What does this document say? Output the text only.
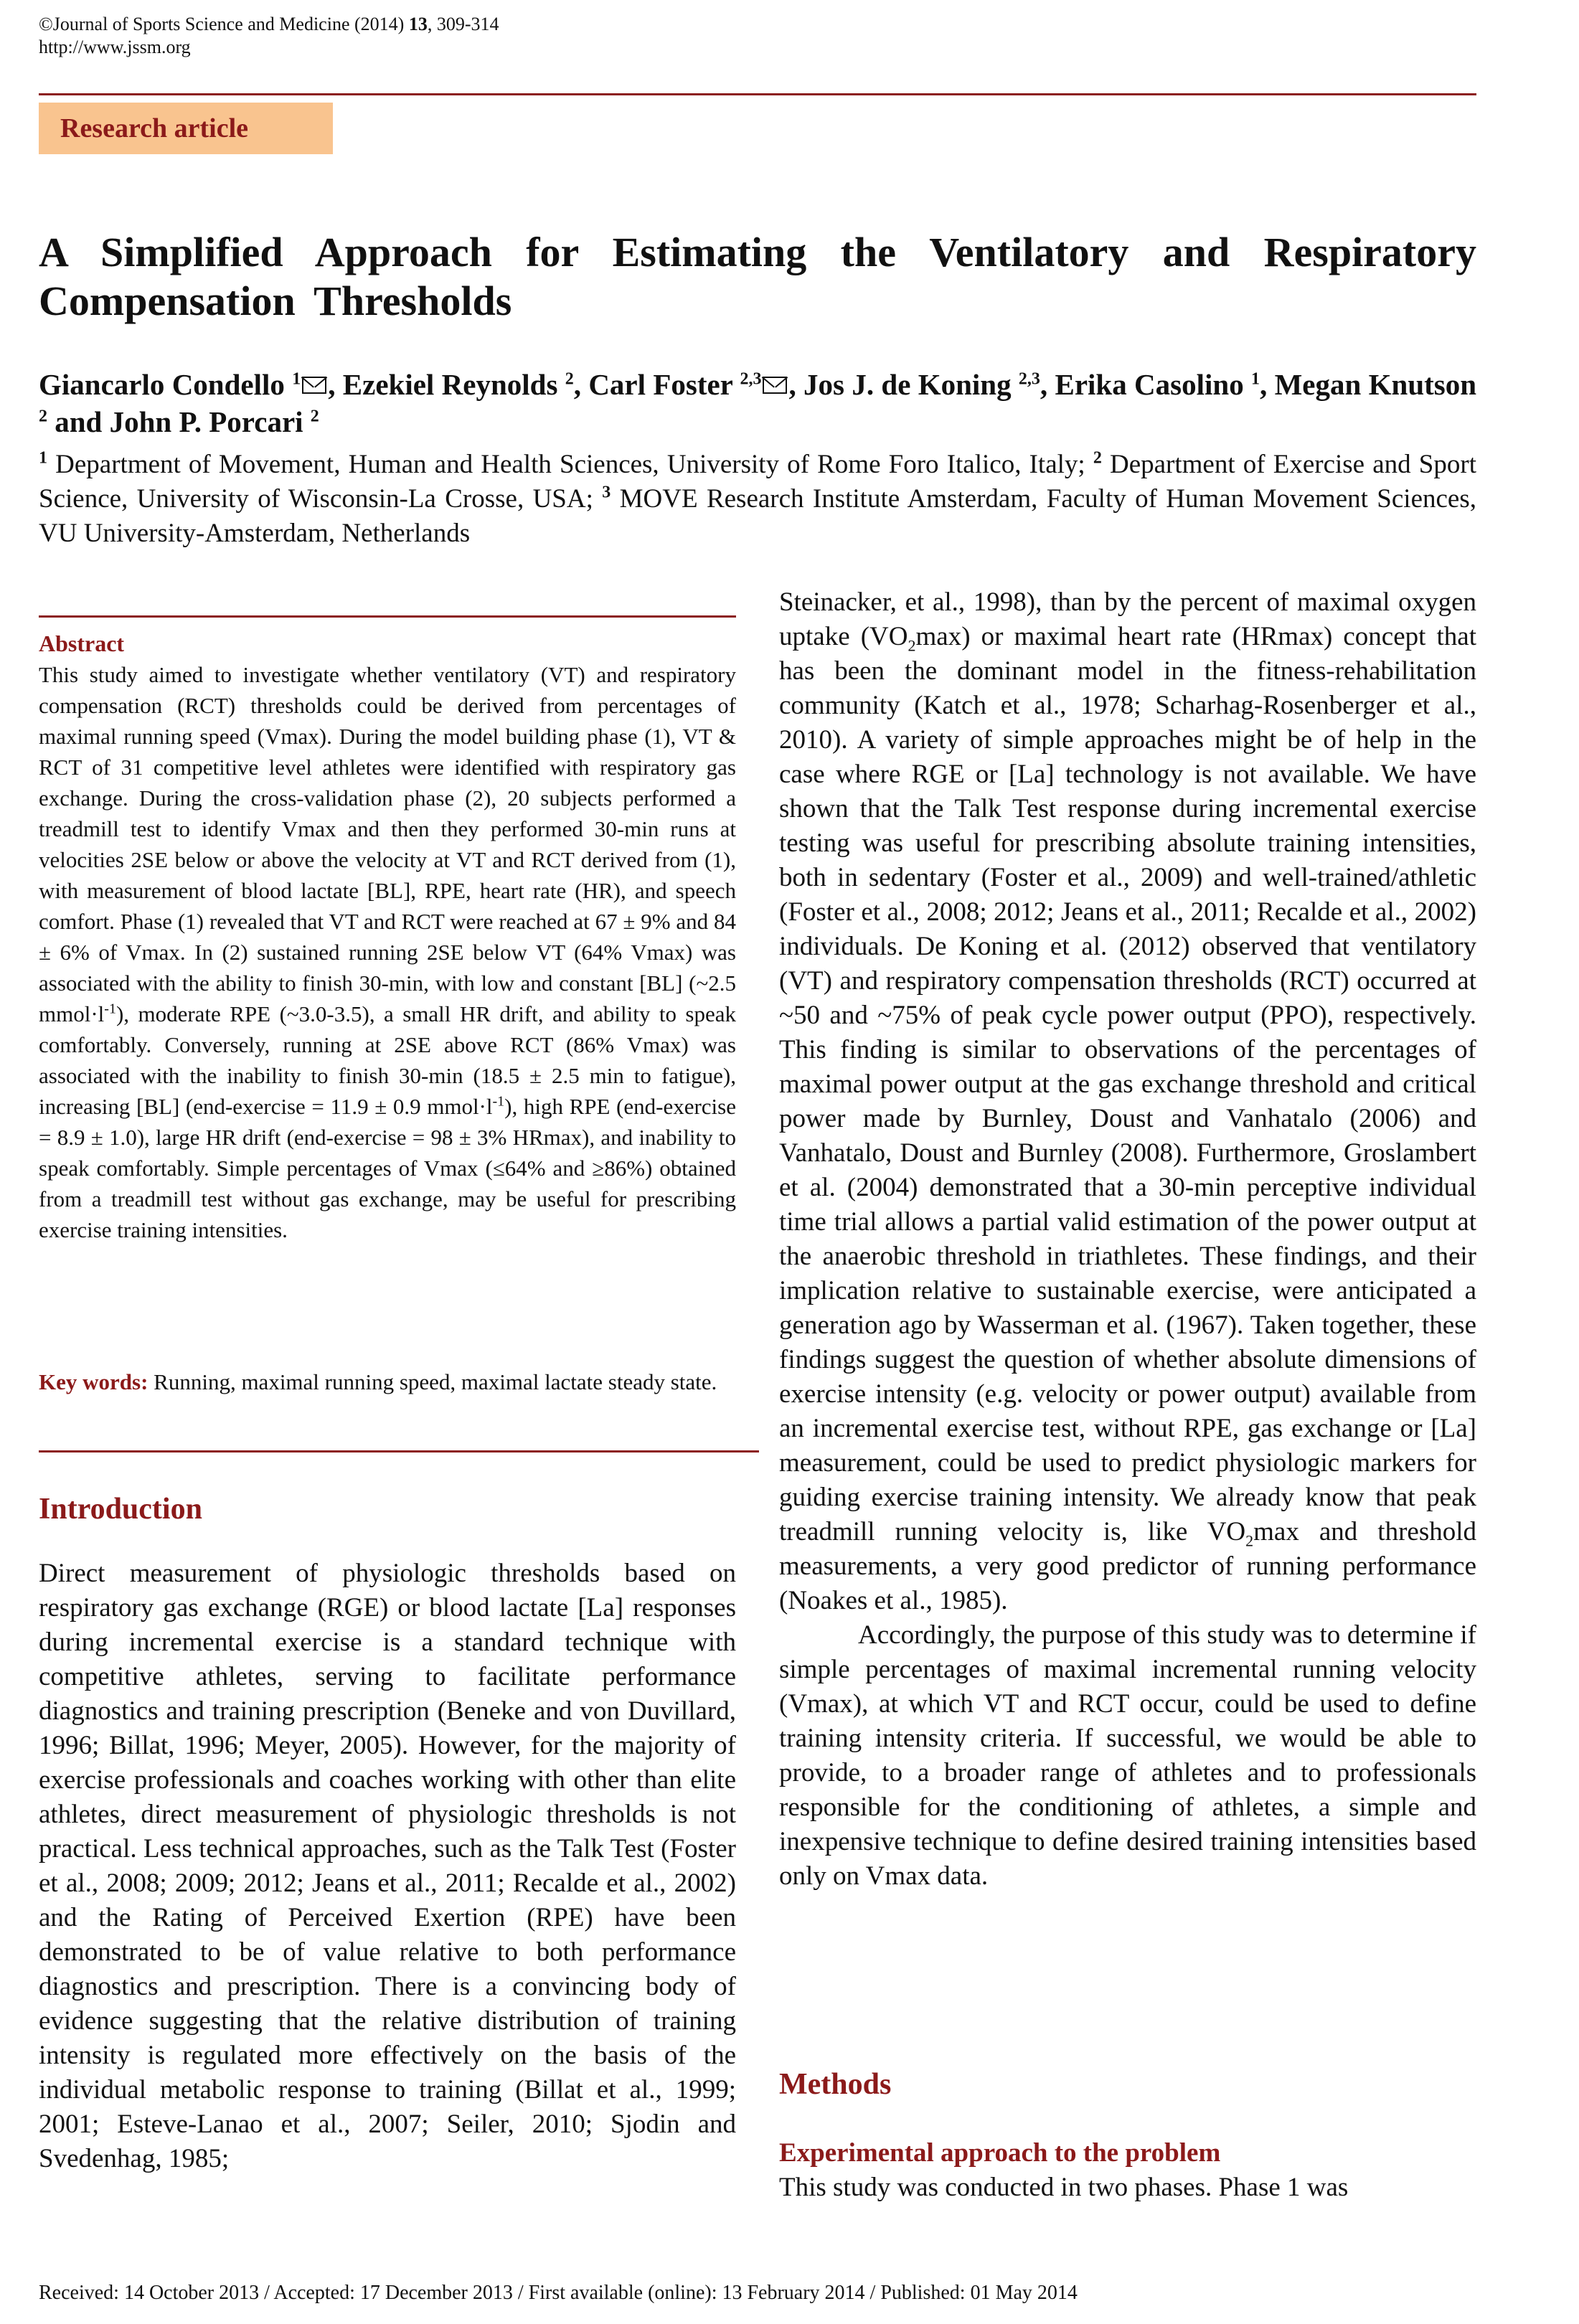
©Journal of Sports Science and Medicine (2014) 13, 309-314
http://www.jssm.org
Research article
A Simplified Approach for Estimating the Ventilatory and Respiratory Compensation Thresholds
Giancarlo Condello $^1$ , Ezekiel Reynolds $^2$, Carl Foster $^{2,3}$ , Jos J. de Koning $^{2,3}$, Erika Casolino $^1$, Megan Knutson $^2$ and John P. Porcari $^2$
$^1$ Department of Movement, Human and Health Sciences, University of Rome Foro Italico, Italy; $^2$ Department of Exercise and Sport Science, University of Wisconsin-La Crosse, USA; $^3$ MOVE Research Institute Amsterdam, Faculty of Human Movement Sciences, VU University-Amsterdam, Netherlands
Abstract
This study aimed to investigate whether ventilatory (VT) and respiratory compensation (RCT) thresholds could be derived from percentages of maximal running speed (Vmax). During the model building phase (1), VT & RCT of 31 competitive level athletes were identified with respiratory gas exchange. During the cross-validation phase (2), 20 subjects performed a treadmill test to identify Vmax and then they performed 30-min runs at velocities 2SE below or above the velocity at VT and RCT derived from (1), with measurement of blood lactate [BL], RPE, heart rate (HR), and speech comfort. Phase (1) revealed that VT and RCT were reached at 67 ± 9% and 84 ± 6% of Vmax. In (2) sustained running 2SE below VT (64% Vmax) was associated with the ability to finish 30-min, with low and constant [BL] (~2.5 $mmol\cdot l^{-1}$), moderate RPE (~3.0-3.5), a small HR drift, and ability to speak comfortably. Conversely, running at 2SE above RCT (86% Vmax) was associated with the inability to finish 30-min (18.5 ± 2.5 min to fatigue), increasing [BL] (end-exercise = 11.9 ± 0.9 $mmol\cdot l^{-1}$), high RPE (end-exercise = 8.9 ± 1.0), large HR drift (end-exercise = 98 ± 3% HRmax), and inability to speak comfortably. Simple percentages of Vmax (≤64% and ≥86%) obtained from a treadmill test without gas exchange, may be useful for prescribing exercise training intensities.
Key words: Running, maximal running speed, maximal lactate steady state.
Introduction
Direct measurement of physiologic thresholds based on respiratory gas exchange (RGE) or blood lactate [La] responses during incremental exercise is a standard technique with competitive athletes, serving to facilitate performance diagnostics and training prescription (Beneke and von Duvillard, 1996; Billat, 1996; Meyer, 2005). However, for the majority of exercise professionals and coaches working with other than elite athletes, direct measurement of physiologic thresholds is not practical. Less technical approaches, such as the Talk Test (Foster et al., 2008; 2009; 2012; Jeans et al., 2011; Recalde et al., 2002) and the Rating of Perceived Exertion (RPE) have been demonstrated to be of value relative to both performance diagnostics and prescription. There is a convincing body of evidence suggesting that the relative distribution of training intensity is regulated more effectively on the basis of the individual metabolic response to training (Billat et al., 1999; 2001; Esteve-Lanao et al., 2007; Seiler, 2010; Sjodin and Svedenhag, 1985;

Steinacker, et al., 1998), than by the percent of maximal oxygen uptake $(VO_2\max)$ or maximal heart rate (HRmax) concept that has been the dominant model in the fitness-rehabilitation community (Katch et al., 1978; Scharhag-Rosenberger et al., 2010). A variety of simple approaches might be of help in the case where RGE or [La] technology is not available. We have shown that the Talk Test response during incremental exercise testing was useful for prescribing absolute training intensities, both in sedentary (Foster et al., 2009) and well-trained/athletic (Foster et al., 2008; 2012; Jeans et al., 2011; Recalde et al., 2002) individuals. De Koning et al. (2012) observed that ventilatory (VT) and respiratory compensation thresholds (RCT) occurred at ~50 and ~75% of peak cycle power output (PPO), respectively. This finding is similar to observations of the percentages of maximal power output at the gas exchange threshold and critical power made by Burnley, Doust and Vanhatalo (2006) and Vanhatalo, Doust and Burnley (2008). Furthermore, Groslambert et al. (2004) demonstrated that a 30-min perceptive individual time trial allows a partial valid estimation of the power output at the anaerobic threshold in triathletes. These findings, and their implication relative to sustainable exercise, were anticipated a generation ago by Wasserman et al. (1967). Taken together, these findings suggest the question of whether absolute dimensions of exercise intensity (e.g. velocity or power output) available from an incremental exercise test, without RPE, gas exchange or [La] measurement, could be used to predict physiologic markers for guiding exercise training intensity. We already know that peak treadmill running velocity is, like $VO_2\max$ and threshold measurements, a very good predictor of running performance (Noakes et al., 1985).

Accordingly, the purpose of this study was to determine if simple percentages of maximal incremental running velocity (Vmax), at which VT and RCT occur, could be used to define training intensity criteria. If successful, we would be able to provide, to a broader range of athletes and to professionals responsible for the conditioning of athletes, a simple and inexpensive technique to define desired training intensities based only on Vmax data.

Methods
Experimental approach to the problem
This study was conducted in two phases. Phase 1 was
Received: 14 October 2013 / Accepted: 17 December 2013 / First available (online): 13 February 2014 / Published: 01 May 2014
